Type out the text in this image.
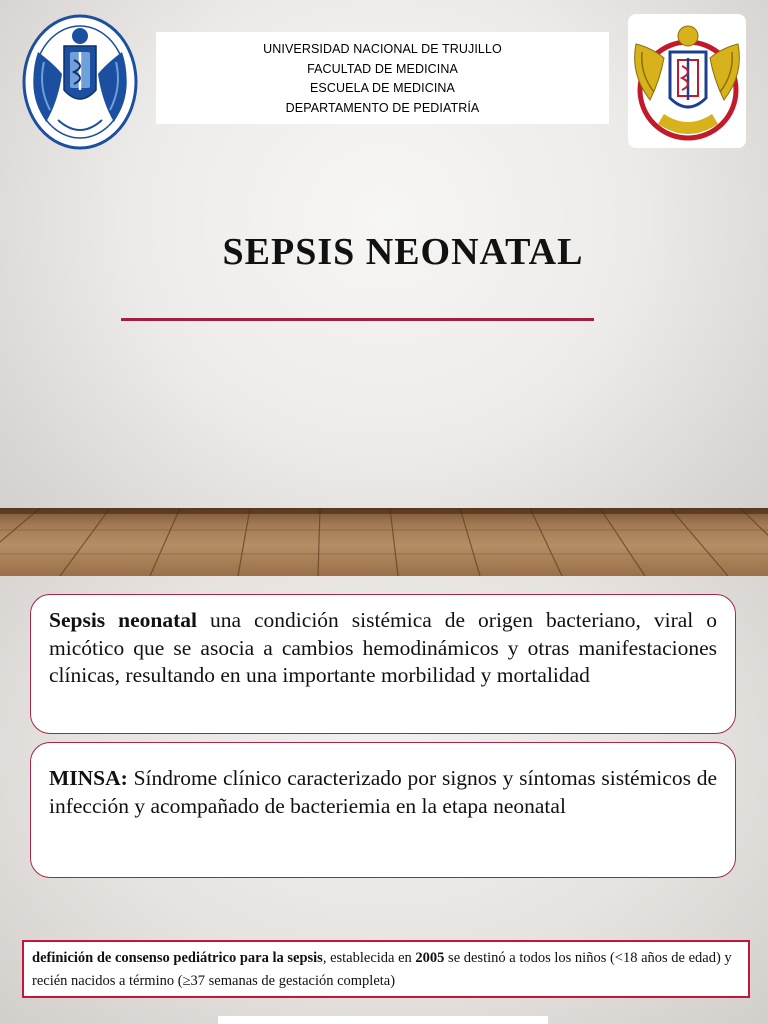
UNIVERSIDAD NACIONAL DE TRUJILLO
FACULTAD DE MEDICINA
ESCUELA DE MEDICINA
DEPARTAMENTO DE PEDIATRÍA
SEPSIS NEONATAL
Sepsis neonatal una condición sistémica de origen bacteriano, viral o micótico que se asocia a cambios hemodinámicos y otras manifestaciones clínicas, resultando en una importante morbilidad y mortalidad
MINSA: Síndrome clínico caracterizado por signos y síntomas sistémicos de infección y acompañado de bacteriemia en la etapa neonatal
definición de consenso pediátrico para la sepsis, establecida en 2005 se destinó a todos los niños (<18 años de edad) y recién nacidos a término (≥37 semanas de gestación completa)
